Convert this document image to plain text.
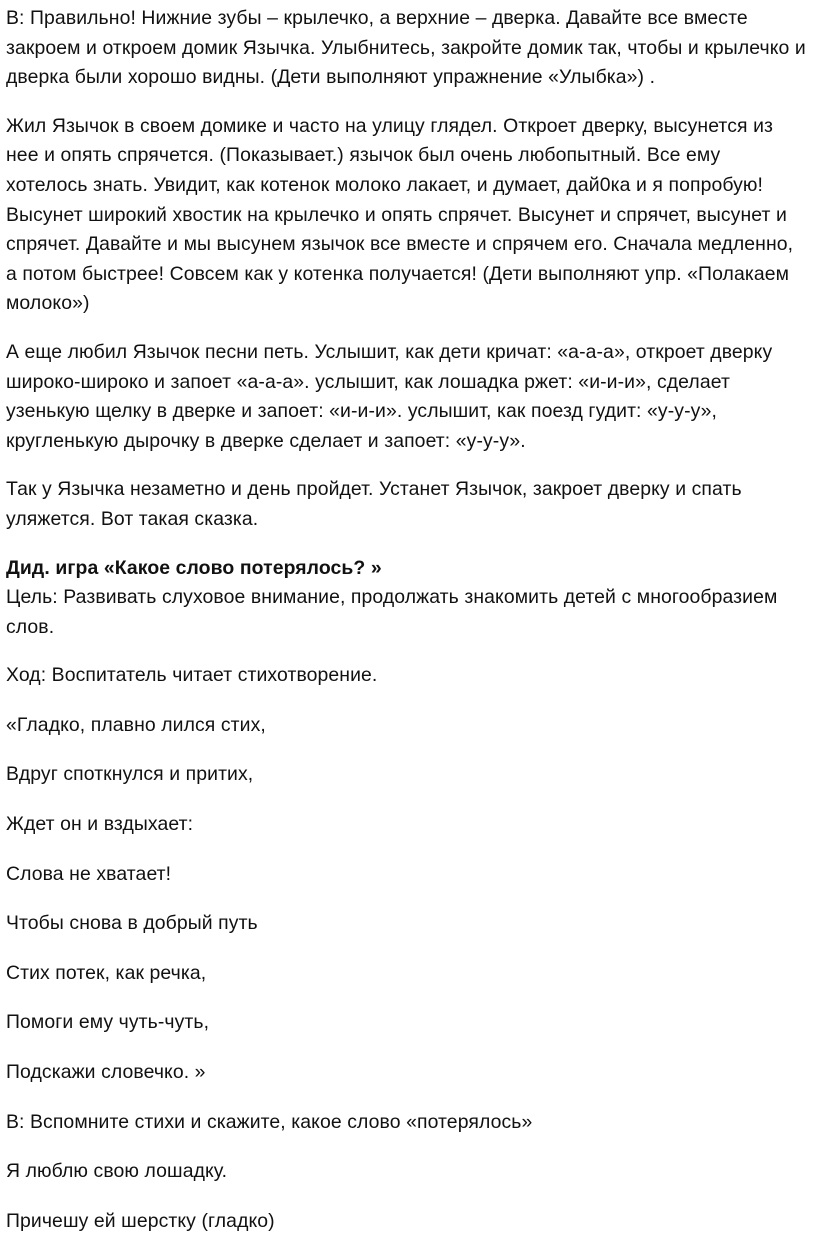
В: Правильно! Нижние зубы – крылечко, а верхние – дверка. Давайте все вместе закроем и откроем домик Язычка. Улыбнитесь, закройте домик так, чтобы и крылечко и дверка были хорошо видны. (Дети выполняют упражнение «Улыбка») .

Жил Язычок в своем домике и часто на улицу глядел. Откроет дверку, высунется из нее и опять спрячется. (Показывает.) язычок был очень любопытный. Все ему хотелось знать. Увидит, как котенок молоко лакает, и думает, дай0ка и я попробую! Высунет широкий хвостик на крылечко и опять спрячет. Высунет и спрячет, высунет и спрячет. Давайте и мы высунем язычок все вместе и спрячем его. Сначала медленно, а потом быстрее! Совсем как у котенка получается! (Дети выполняют упр. «Полакаем молоко»)

А еще любил Язычок песни петь. Услышит, как дети кричат: «а-а-а», откроет дверку широко-широко и запоет «а-а-а». услышит, как лошадка ржет: «и-и-и», сделает узенькую щелку в дверке и запоет: «и-и-и». услышит, как поезд гудит: «у-у-у», кругленькую дырочку в дверке сделает и запоет: «у-у-у».

Так у Язычка незаметно и день пройдет. Устанет Язычок, закроет дверку и спать уляжется. Вот такая сказка.

Дид. игра «Какое слово потерялось? »
Цель: Развивать слуховое внимание, продолжать знакомить детей с многообразием слов.

Ход: Воспитатель читает стихотворение.

«Гладко, плавно лился стих,

Вдруг споткнулся и притих,

Ждет он и вздыхает:

Слова не хватает!

Чтобы снова в добрый путь

Стих потек, как речка,

Помоги ему чуть-чуть,

Подскажи словечко. »

В: Вспомните стихи и скажите, какое слово «потерялось»

Я люблю свою лошадку.

Причешу ей шерстку (гладко)
